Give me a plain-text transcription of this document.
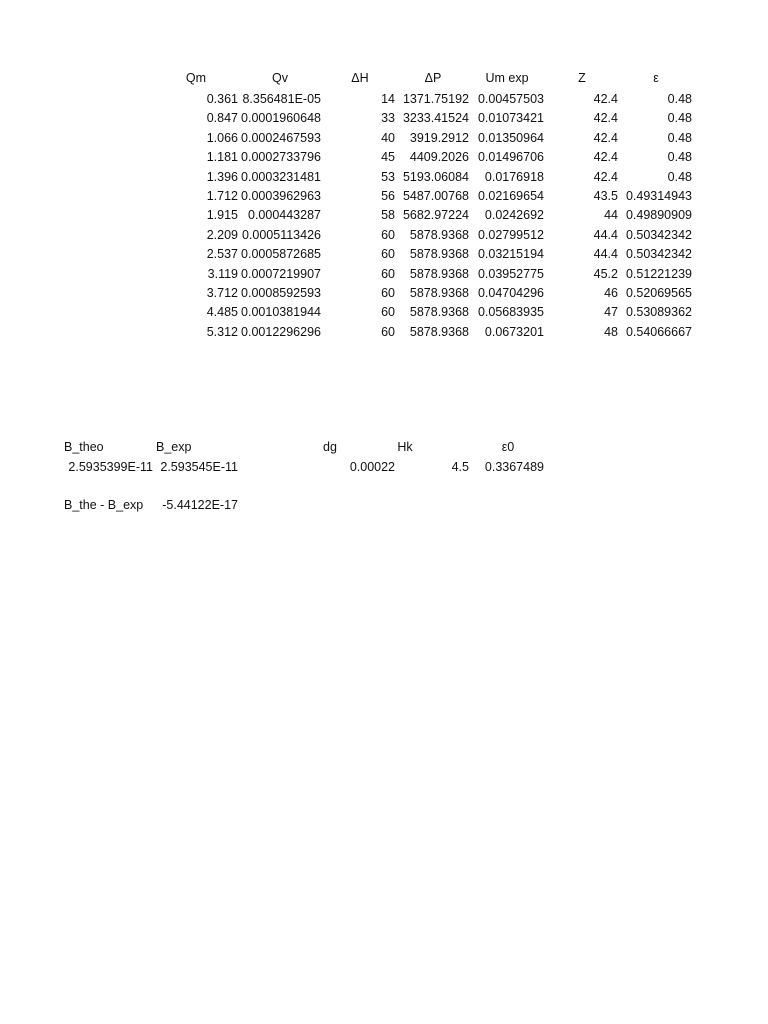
Qm	Qv	ΔH	ΔP	Um exp	Z	ε
0.361 8.356481E-05	14 1371.75192 0.00457503	42.4	0.48
0.847 0.0001960648	33 3233.41524 0.01073421	42.4	0.48
1.066 0.0002467593	40	3919.2912 0.01350964	42.4	0.48
1.181 0.0002733796	45	4409.2026 0.01496706	42.4	0.48
1.396 0.0003231481	53 5193.06084	0.0176918	42.4	0.48
1.712 0.0003962963	56 5487.00768 0.02169654	43.5 0.49314943
1.915 0.000443287	58 5682.97224	0.0242692	44 0.49890909
2.209 0.0005113426	60	5878.9368 0.02799512	44.4 0.50342342
2.537 0.0005872685	60	5878.9368 0.03215194	44.4 0.50342342
3.119 0.0007219907	60	5878.9368 0.03952775	45.2 0.51221239
3.712 0.0008592593	60	5878.9368 0.04704296	46 0.52069565
4.485 0.0010381944	60	5878.9368 0.05683935	47 0.53089362
5.312 0.0012296296	60	5878.9368	0.0673201	48 0.54066667
B_theo	B_exp	dg	Hk	ε0
2.5935399E-11 2.593545E-11	0.00022	4.5	0.3367489
B_the - B_exp	-5.44122E-17
